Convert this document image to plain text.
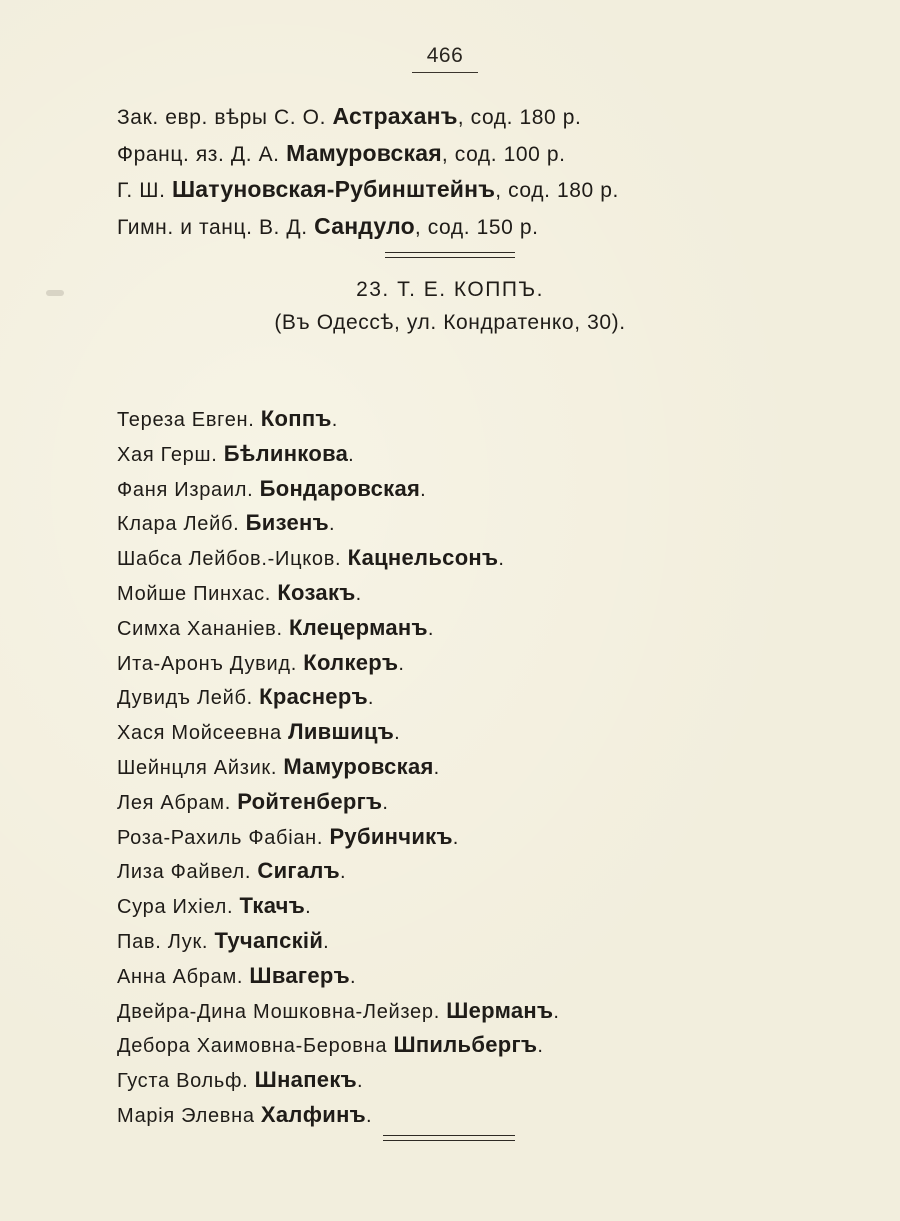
466
Зак. евр. вѣры С. О. Астраханъ, сод. 180 р.
Франц. яз. Д. А. Мамуровская, сод. 100 р.
Г. Ш. Шатуновская-Рубинштейнъ, сод. 180 р.
Гимн. и танц. В. Д. Сандуло, сод. 150 р.
23. Т. Е. КОППЪ.
(Въ Одессѣ, ул. Кондратенко, 30).
Тереза Евген. Коппъ.
Хая Герш. Бѣлинкова.
Фаня Израил. Бондаровская.
Клара Лейб. Бизенъ.
Шабса Лейбов.-Ицков. Кацнельсонъ.
Мойше Пинхас. Козакъ.
Симха Хананіев. Клецерманъ.
Ита-Аронъ Дувид. Колкеръ.
Дувидъ Лейб. Краснеръ.
Хася Мойсеевна Лившицъ.
Шейнцля Айзик. Мамуровская.
Лея Абрам. Ройтенбергъ.
Роза-Рахиль Фабіан. Рубинчикъ.
Лиза Файвел. Сигалъ.
Сура Ихіел. Ткачъ.
Пав. Лук. Тучапскій.
Анна Абрам. Швагеръ.
Двейра-Дина Мошковна-Лейзер. Шерманъ.
Дебора Хаимовна-Беровна Шпильбергъ.
Густа Вольф. Шнапекъ.
Марія Элевна Халфинъ.
